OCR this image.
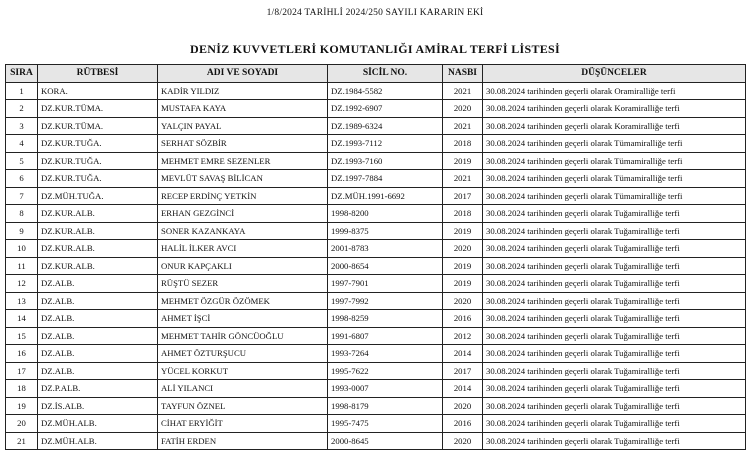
1/8/2024 TARİHLİ 2024/250 SAYILI KARARIN EKİ
DENİZ KUVVETLERİ KOMUTANLIĞI AMİRAL TERFİ LİSTESİ
SIRA	RÜTBESİ	ADI VE SOYADI	SİCİL NO.	NASBI	DÜŞÜNCELER
1	KORA.	KADİR YILDIZ	DZ.1984-5582	2021	30.08.2024 tarihinden geçerli olarak Oramiralliğe terfi
2	DZ.KUR.TÜMA.	MUSTAFA KAYA	DZ.1992-6907	2020	30.08.2024 tarihinden geçerli olarak Koramiralliğe terfi
3	DZ.KUR.TÜMA.	YALÇIN PAYAL	DZ.1989-6324	2021	30.08.2024 tarihinden geçerli olarak Koramiralliğe terfi
4	DZ.KUR.TUĞA.	SERHAT SÖZBİR	DZ.1993-7112	2018	30.08.2024 tarihinden geçerli olarak Tümamiralliğe terfi
5	DZ.KUR.TUĞA.	MEHMET EMRE SEZENLER	DZ.1993-7160	2019	30.08.2024 tarihinden geçerli olarak Tümamiralliğe terfi
6	DZ.KUR.TUĞA.	MEVLÜT SAVAŞ BİLİCAN	DZ.1997-7884	2021	30.08.2024 tarihinden geçerli olarak Tümamiralliğe terfi
7	DZ.MÜH.TUĞA.	RECEP ERDİNÇ YETKİN	DZ.MÜH.1991-6692	2017	30.08.2024 tarihinden geçerli olarak Tümamiralliğe terfi
8	DZ.KUR.ALB.	ERHAN GEZGİNCİ	1998-8200	2018	30.08.2024 tarihinden geçerli olarak Tuğamiralliğe terfi
9	DZ.KUR.ALB.	SONER KAZANKAYA	1999-8375	2019	30.08.2024 tarihinden geçerli olarak Tuğamiralliğe terfi
10	DZ.KUR.ALB.	HALİL İLKER AVCI	2001-8783	2020	30.08.2024 tarihinden geçerli olarak Tuğamiralliğe terfi
11	DZ.KUR.ALB.	ONUR KAPÇAKLI	2000-8654	2019	30.08.2024 tarihinden geçerli olarak Tuğamiralliğe terfi
12	DZ.ALB.	RÜŞTÜ SEZER	1997-7901	2019	30.08.2024 tarihinden geçerli olarak Tuğamiralliğe terfi
13	DZ.ALB.	MEHMET ÖZGÜR ÖZÖMEK	1997-7992	2020	30.08.2024 tarihinden geçerli olarak Tuğamiralliğe terfi
14	DZ.ALB.	AHMET İŞCİ	1998-8259	2016	30.08.2024 tarihinden geçerli olarak Tuğamiralliğe terfi
15	DZ.ALB.	MEHMET TAHİR GÖNCÜOĞLU	1991-6807	2012	30.08.2024 tarihinden geçerli olarak Tuğamiralliğe terfi
16	DZ.ALB.	AHMET ÖZTURŞUCU	1993-7264	2014	30.08.2024 tarihinden geçerli olarak Tuğamiralliğe terfi
17	DZ.ALB.	YÜCEL KORKUT	1995-7622	2017	30.08.2024 tarihinden geçerli olarak Tuğamiralliğe terfi
18	DZ.P.ALB.	ALİ YILANCI	1993-0007	2014	30.08.2024 tarihinden geçerli olarak Tuğamiralliğe terfi
19	DZ.İS.ALB.	TAYFUN ÖZNEL	1998-8179	2020	30.08.2024 tarihinden geçerli olarak Tuğamiralliğe terfi
20	DZ.MÜH.ALB.	CİHAT ERYİĞİT	1995-7475	2016	30.08.2024 tarihinden geçerli olarak Tuğamiralliğe terfi
21	DZ.MÜH.ALB.	FATİH ERDEN	2000-8645	2020	30.08.2024 tarihinden geçerli olarak Tuğamiralliğe terfi
